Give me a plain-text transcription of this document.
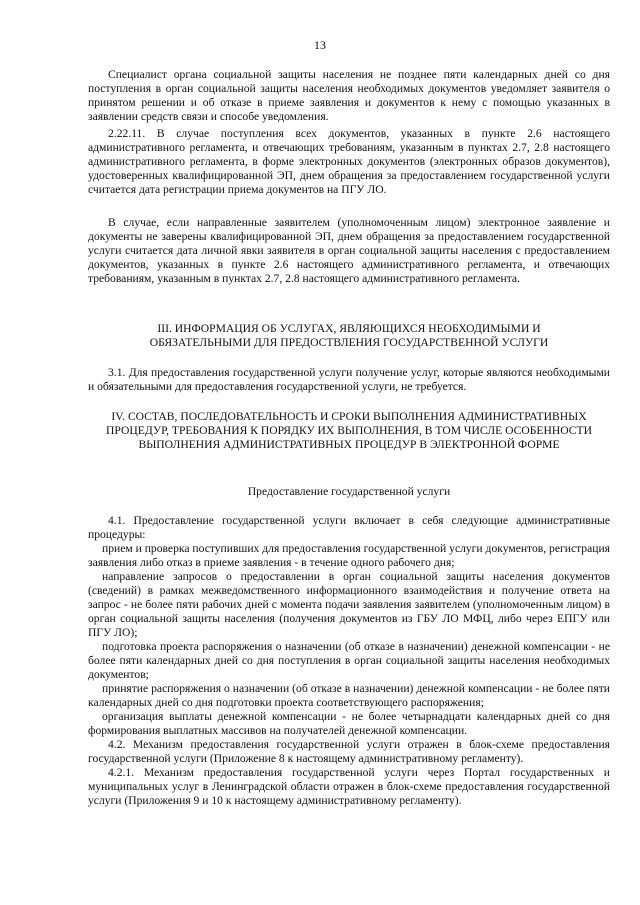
13

Специалист органа социальной защиты населения не позднее пяти календарных дней со дня поступления в орган социальной защиты населения необходимых документов уведомляет заявителя о принятом решении и об отказе в приеме заявления и документов к нему с помощью указанных в заявлении средств связи и способе уведомления.

2.22.11. В случае поступления всех документов, указанных в пункте 2.6 настоящего административного регламента, и отвечающих требованиям, указанным в пунктах 2.7, 2.8 настоящего административного регламента, в форме электронных документов (электронных образов документов), удостоверенных квалифицированной ЭП, днем обращения за предоставлением государственной услуги считается дата регистрации приема документов на ПГУ ЛО.

В случае, если направленные заявителем (уполномоченным лицом) электронное заявление и документы не заверены квалифицированной ЭП, днем обращения за предоставлением государственной услуги считается дата личной явки заявителя в орган социальной защиты населения с предоставлением документов, указанных в пункте 2.6 настоящего административного регламента, и отвечающих требованиям, указанным в пунктах 2.7, 2.8 настоящего административного регламента.

III. ИНФОРМАЦИЯ ОБ УСЛУГАХ, ЯВЛЯЮЩИХСЯ НЕОБХОДИМЫМИ И ОБЯЗАТЕЛЬНЫМИ ДЛЯ ПРЕДОСТВЛЕНИЯ ГОСУДАРСТВЕННОЙ УСЛУГИ

3.1. Для предоставления государственной услуги получение услуг, которые являются необходимыми и обязательными для предоставления государственной услуги, не требуется.

IV. СОСТАВ, ПОСЛЕДОВАТЕЛЬНОСТЬ И СРОКИ ВЫПОЛНЕНИЯ АДМИНИСТРАТИВНЫХ ПРОЦЕДУР, ТРЕБОВАНИЯ К ПОРЯДКУ ИХ ВЫПОЛНЕНИЯ, В ТОМ ЧИСЛЕ ОСОБЕННОСТИ ВЫПОЛНЕНИЯ АДМИНИСТРАТИВНЫХ ПРОЦЕДУР В ЭЛЕКТРОННОЙ ФОРМЕ

Предоставление государственной услуги

4.1. Предоставление государственной услуги включает в себя следующие административные процедуры:

прием и проверка поступивших для предоставления государственной услуги документов, регистрация заявления либо отказ в приеме заявления - в течение одного рабочего дня;

направление запросов о предоставлении в орган социальной защиты населения документов (сведений) в рамках межведомственного информационного взаимодействия и получение ответа на запрос - не более пяти рабочих дней с момента подачи заявления заявителем (уполномоченным лицом) в орган социальной защиты населения (получения документов из ГБУ ЛО МФЦ, либо через ЕПГУ или ПГУ ЛО);

подготовка проекта распоряжения о назначении (об отказе в назначении) денежной компенсации - не более пяти календарных дней со дня поступления в орган социальной защиты населения необходимых документов;

принятие распоряжения о назначении (об отказе в назначении) денежной компенсации - не более пяти календарных дней со дня подготовки проекта соответствующего распоряжения;

организация выплаты денежной компенсации - не более четырнадцати календарных дней со дня формирования выплатных массивов на получателей денежной компенсации.

4.2. Механизм предоставления государственной услуги отражен в блок-схеме предоставления государственной услуги (Приложение 8 к настоящему административному регламенту).

4.2.1. Механизм предоставления государственной услуги через Портал государственных и муниципальных услуг в Ленинградской области отражен в блок-схеме предоставления государственной услуги (Приложения 9 и 10 к настоящему административному регламенту).
